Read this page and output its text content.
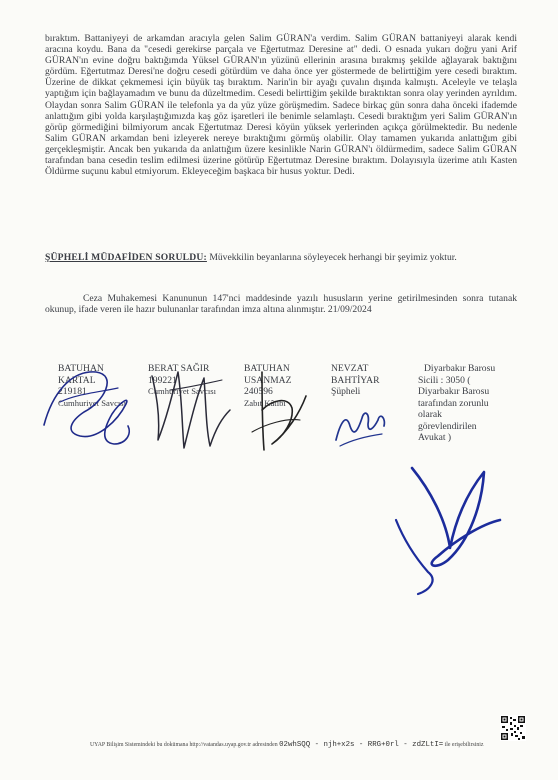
bıraktım. Battaniyeyi de arkamdan aracıyla gelen Salim GÜRAN'a verdim. Salim GÜRAN battaniyeyi alarak kendi aracına koydu. Bana da "cesedi gerekirse parçala ve Eğertutmaz Deresine at" dedi. O esnada yukarı doğru yani Arif GÜRAN'ın evine doğru baktığımda Yüksel GÜRAN'ın yüzünü ellerinin arasına bırakmış şekilde ağlayarak baktığını gördüm. Eğertutmaz Deresi'ne doğru cesedi götürdüm ve daha önce yer göstermede de belirttiğim yere cesedi bıraktım. Üzerine de dikkat çekmemesi için büyük taş bıraktım. Narin'in bir ayağı çuvalın dışında kalmıştı. Aceleyle ve telaşla yaptığım için bağlayamadım ve bunu da düzeltmedim. Cesedi belirttiğim şekilde bıraktıktan sonra olay yerinden ayrıldım. Olaydan sonra Salim GÜRAN ile telefonla ya da yüz yüze görüşmedim. Sadece birkaç gün sonra daha önceki ifademde anlattığım gibi yolda karşılaştığımızda kaş göz işaretleri ile benimle selamlaştı. Cesedi bıraktığım yeri Salim GÜRAN'ın görüp görmediğini bilmiyorum ancak Eğertutmaz Deresi köyün yüksek yerlerinden açıkça görülmektedir. Bu nedenle Salim GÜRAN arkamdan beni izleyerek nereye bıraktığımı görmüş olabilir. Olay tamamen yukarıda anlattığım gibi gerçekleşmiştir. Ancak ben yukarıda da anlattığım üzere kesinlikle Narin GÜRAN'ı öldürmedim, sadece Salim GÜRAN tarafından bana cesedin teslim edilmesi üzerine götürüp Eğertutmaz Deresine bıraktım. Dolayısıyla üzerime atılı Kasten Öldürme suçunu kabul etmiyorum. Ekleyeceğim başkaca bir husus yoktur. Dedi.

ŞÜPHELİ MÜDAFİDEN SORULDU: Müvekkilin beyanlarına söyleyecek herhangi bir şeyimiz yoktur.
Ceza Muhakemesi Kanununun 147'nci maddesinde yazılı hususların yerine getirilmesinden sonra tutanak okunup, ifade veren ile hazır bulunanlar tarafından imza altına alınmıştır. 21/09/2024
BATUHAN
KARTAL
219181
Cumhuriyet Savcısı
BERAT SAĞIR
199221
Cumhuriyet Savcısı
BATUHAN
USANMAZ
240596
Zabıt Kâtibi
NEVZAT
BAHTİYAR
Şüpheli
Diyarbakır Barosu
Sicili : 3050 (
Diyarbakır Barosu
tarafından zorunlu
olarak
görevlendirilen
Avukat )
UYAP Bilişim Sistemindeki bu dokümana http://vatandas.uyap.gov.tr adresinden 02whSQQ - njh+x2s - RRG+0rl - zdZLtI= ile erişebilirsiniz
